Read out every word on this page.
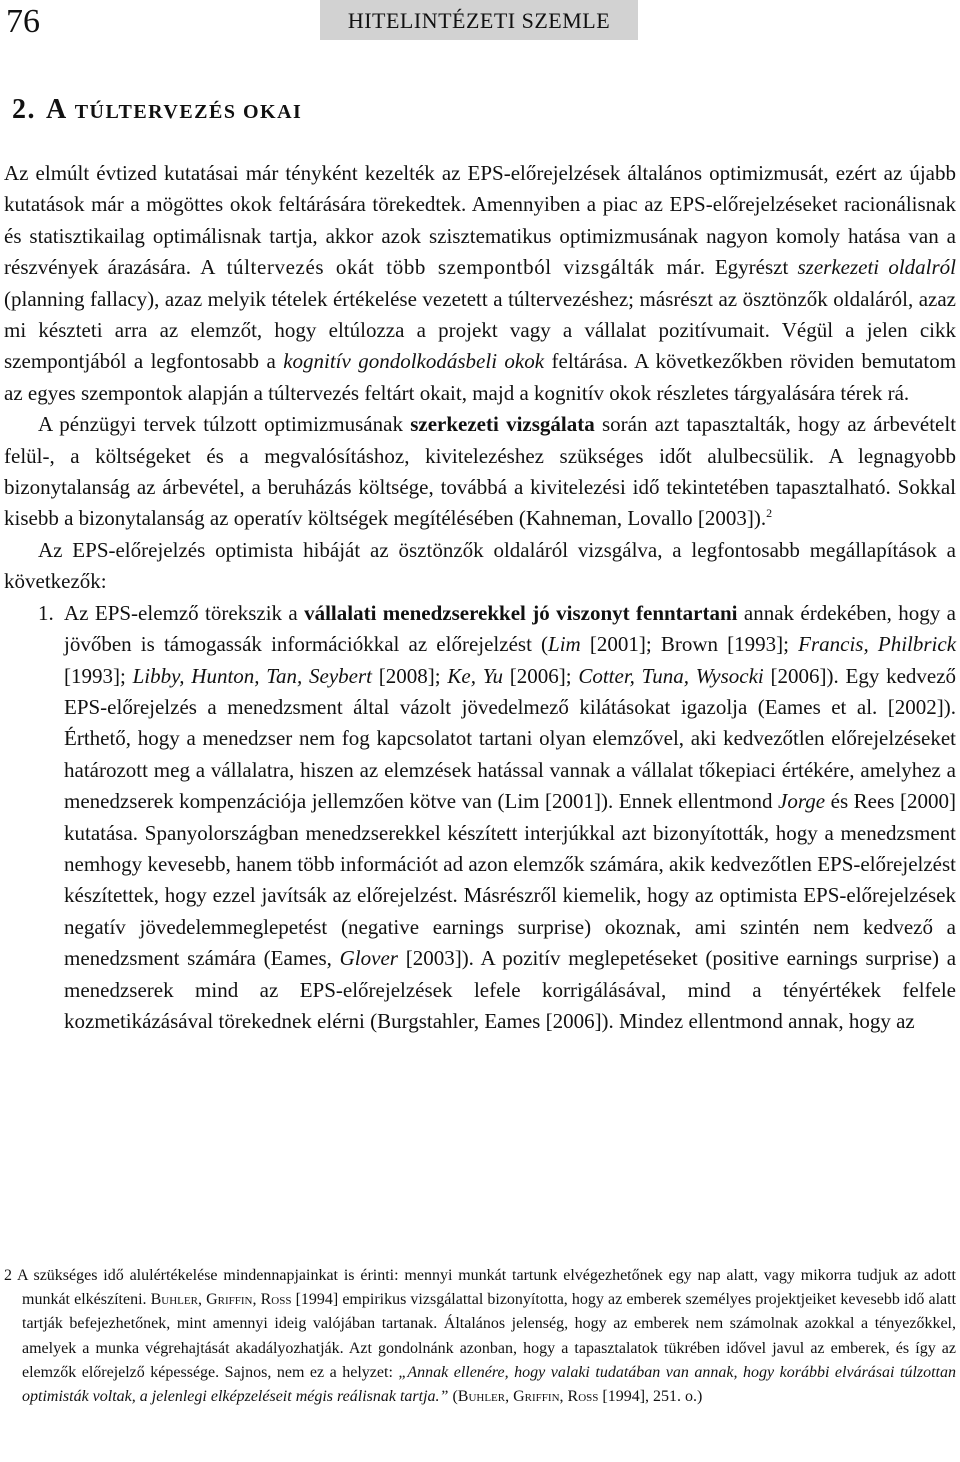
76	HITELINTÉZETI SZEMLE
2. A TÚLTERVEZÉS OKAI

Az elmúlt évtized kutatásai már tényként kezelték az EPS-előrejelzések általános optimizmusát, ezért az újabb kutatások már a mögöttes okok feltárására törekedtek. Amennyiben a piac az EPS-előrejelzéseket racionálisnak és statisztikailag optimálisnak tartja, akkor azok szisztematikus optimizmusának nagyon komoly hatása van a részvények árazására. A túltervezés okát több szempontból vizsgálták már. Egyrészt szerkezeti oldalról (planning fallacy), azaz melyik tételek értékelése vezetett a túltervezéshez; másrészt az ösztönzők oldaláról, azaz mi készteti arra az elemzőt, hogy eltúlozza a projekt vagy a vállalat pozitívumait. Végül a jelen cikk szempontjából a legfontosabb a kognitív gondolkodásbeli okok feltárása. A következőkben röviden bemutatom az egyes szempontok alapján a túltervezés feltárt okait, majd a kognitív okok részletes tárgyalására térek rá.

A pénzügyi tervek túlzott optimizmusának szerkezeti vizsgálata során azt tapasztalták, hogy az árbevételt felül-, a költségeket és a megvalósításhoz, kivitelezéshez szükséges időt alulbecsülik. A legnagyobb bizonytalanság az árbevétel, a beruházás költsége, továbbá a kivitelezési idő tekintetében tapasztalható. Sokkal kisebb a bizonytalanság az operatív költségek megítélésében (Kahneman, Lovallo [2003]).$^2$

Az EPS-előrejelzés optimista hibáját az ösztönzők oldaláról vizsgálva, a legfontosabb megállapítások a következők:

1. Az EPS-elemző törekszik a vállalati menedzserekkel jó viszonyt fenntartani annak érdekében, hogy a jövőben is támogassák információkkal az előrejelzést (Lim [2001]; Brown [1993]; Francis, Philbrick [1993]; Libby, Hunton, Tan, Seybert [2008]; Ke, Yu [2006]; Cotter, Tuna, Wysocki [2006]). Egy kedvező EPS-előrejelzés a menedzsment által vázolt jövedelmező kilátásokat igazolja (Eames et al. [2002]). Érthető, hogy a menedzser nem fog kapcsolatot tartani olyan elemzővel, aki kedvezőtlen előrejelzéseket határozott meg a vállalatra, hiszen az elemzések hatással vannak a vállalat tőkepiaci értékére, amelyhez a menedzserek kompenzációja jellemzően kötve van (Lim [2001]). Ennek ellentmond Jorge és Rees [2000] kutatása. Spanyolországban menedzserekkel készített interjúkkal azt bizonyították, hogy a menedzsment nemhogy kevesebb, hanem több információt ad azon elemzők számára, akik kedvezőtlen EPS-előrejelzést készítettek, hogy ezzel javítsák az előrejelzést. Másrészről kiemelik, hogy az optimista EPS-előrejelzések negatív jövedelemmeglepetést (negative earnings surprise) okoznak, ami szintén nem kedvező a menedzsment számára (Eames, Glover [2003]). A pozitív meglepetéseket (positive earnings surprise) a menedzserek mind az EPS-előrejelzések lefele korrigálásával, mind a tényértékek felfele kozmetikázásával törekednek elérni (Burgstahler, Eames [2006]). Mindez ellentmond annak, hogy az

2 A szükséges idő alulértékelése mindennapjainkat is érinti: mennyi munkát tartunk elvégezhetőnek egy nap alatt, vagy mikorra tudjuk az adott munkát elkészíteni. Buhler, Griffin, Ross [1994] empirikus vizsgálattal bizonyította, hogy az emberek személyes projektjeiket kevesebb idő alatt tartják befejezhetőnek, mint amennyi ideig valójában tartanak. Általános jelenség, hogy az emberek nem számolnak azokkal a tényezőkkel, amelyek a munka végrehajtását akadályozhatják. Azt gondolnánk azonban, hogy a tapasztalatok tükrében idővel javul az emberek, és így az elemzők előrejelző képessége. Sajnos, nem ez a helyzet: „Annak ellenére, hogy valaki tudatában van annak, hogy korábbi elvárásai túlzottan optimisták voltak, a jelenlegi elképzeléseit mégis reálisnak tartja.” (Buhler, Griffin, Ross [1994], 251. o.)
